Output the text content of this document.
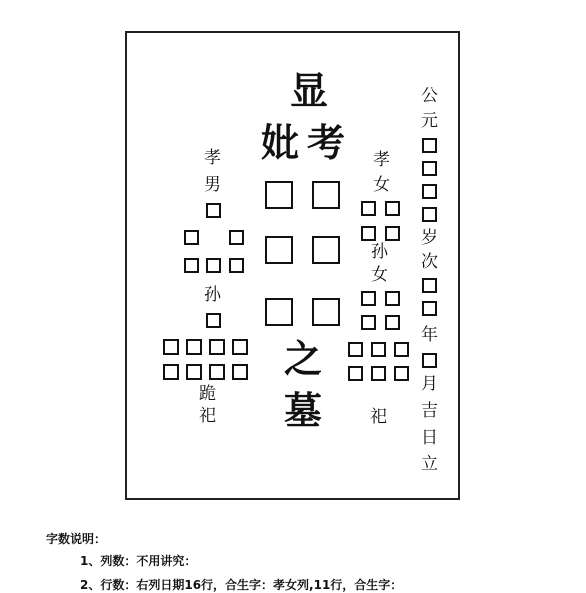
显
妣 考
之
墓
孝
男
孙
跪
祀
孝
女
孙
女
祀
公
元
岁
次
年
月
吉
日
立
字数说明：
1、列数：不用讲究：
2、行数：右列日期16行，合生字：孝女列,11行，合生字：
